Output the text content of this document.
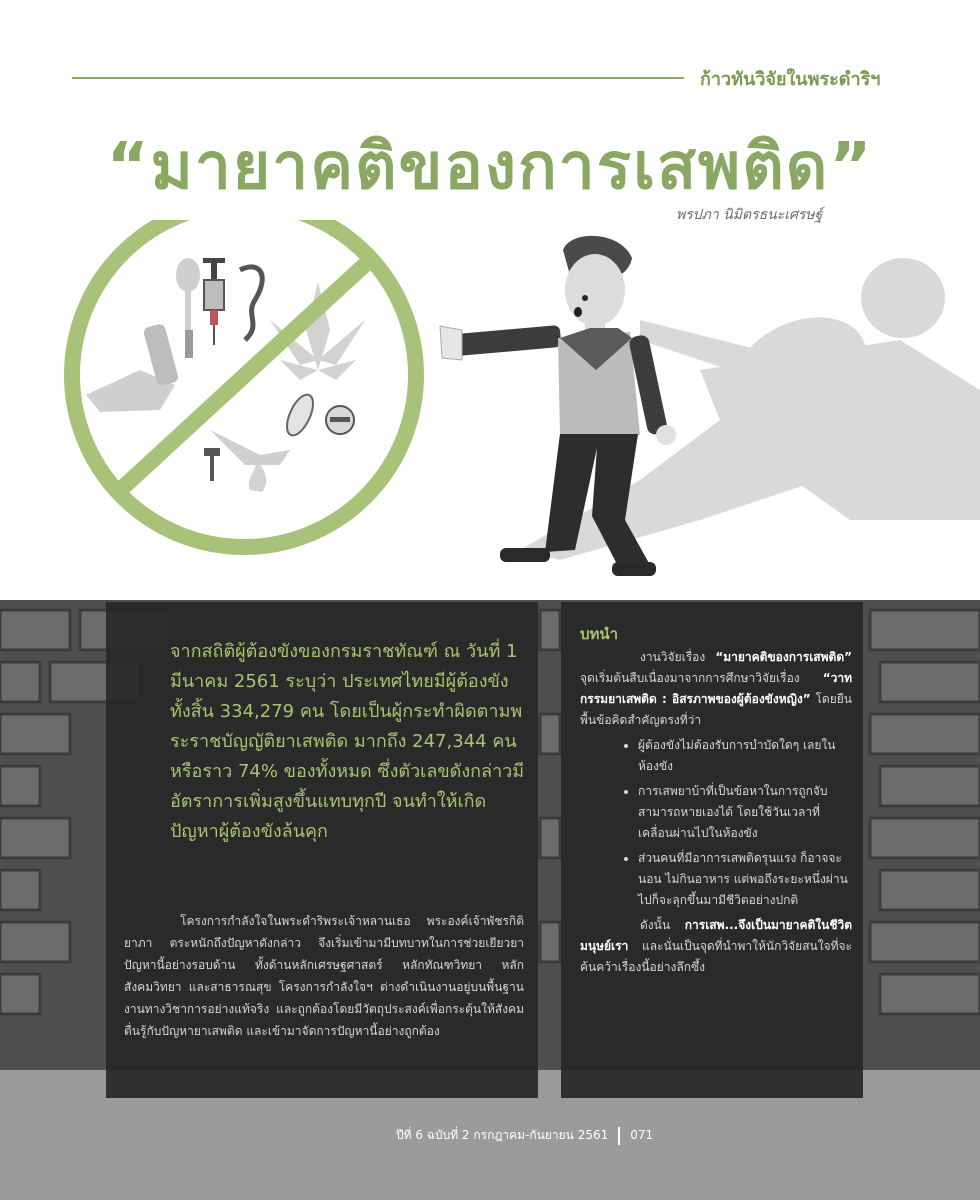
ก้าวทันวิจัยในพระดำริฯ
“มายาคติของการเสพติด”
พรปภา นิมิตรธนะเศรษฐ์

จากสถิติผู้ต้องขังของกรมราชทัณฑ์ ณ วันที่ 1 มีนาคม 2561 ระบุว่า ประเทศไทยมีผู้ต้องขังทั้งสิ้น 334,279 คน โดยเป็นผู้กระทำผิดตามพระราชบัญญัติยาเสพติด มากถึง 247,344 คนหรือราว 74% ของทั้งหมด ซึ่งตัวเลขดังกล่าวมีอัตราการเพิ่มสูงขึ้นแทบทุกปี จนทำให้เกิดปัญหาผู้ต้องขังล้นคุก

โครงการกำลังใจในพระดำริพระเจ้าหลานเธอ พระองค์เจ้าพัชรกิติยาภา ตระหนักถึงปัญหาดังกล่าว จึงเริ่มเข้ามามีบทบาทในการช่วยเยียวยาปัญหานี้อย่างรอบด้าน ทั้งด้านหลักเศรษฐศาสตร์ หลักทัณฑวิทยา หลักสังคมวิทยา และสาธารณสุข โครงการกำลังใจฯ ต่างดำเนินงานอยู่บนพื้นฐานงานทางวิชาการอย่างแท้จริง และถูกต้องโดยมีวัตถุประสงค์เพื่อกระตุ้นให้สังคมตื่นรู้กับปัญหายาเสพติด และเข้ามาจัดการปัญหานี้อย่างถูกต้อง

บทนำ

งานวิจัยเรื่อง “มายาคติของการเสพติด” จุดเริ่มต้นสืบเนื่องมาจากการศึกษาวิจัยเรื่อง “วาทกรรมยาเสพติด : อิสรภาพของผู้ต้องขังหญิง” โดยยืนพื้นข้อคิดสำคัญตรงที่ว่า

• ผู้ต้องขังไม่ต้องรับการบำบัดใดๆ เลยในห้องขัง
• การเสพยาบ้าที่เป็นข้อหาในการถูกจับ สามารถหายเองได้ โดยใช้วันเวลาที่เคลื่อนผ่านไปในห้องขัง
• ส่วนคนที่มีอาการเสพติดรุนแรง ก็อาจจะนอน ไม่กินอาหาร แต่พอถึงระยะหนึ่งผ่านไปก็จะลุกขึ้นมามีชีวิตอย่างปกติ

ดังนั้น การเสพ...จึงเป็นมายาคติในชีวิตมนุษย์เรา และนั่นเป็นจุดที่นำพาให้นักวิจัยสนใจที่จะค้นคว้าเรื่องนี้อย่างลึกซึ้ง

ปีที่ 6 ฉบับที่ 2 กรกฎาคม-กันยายน 2561 071
